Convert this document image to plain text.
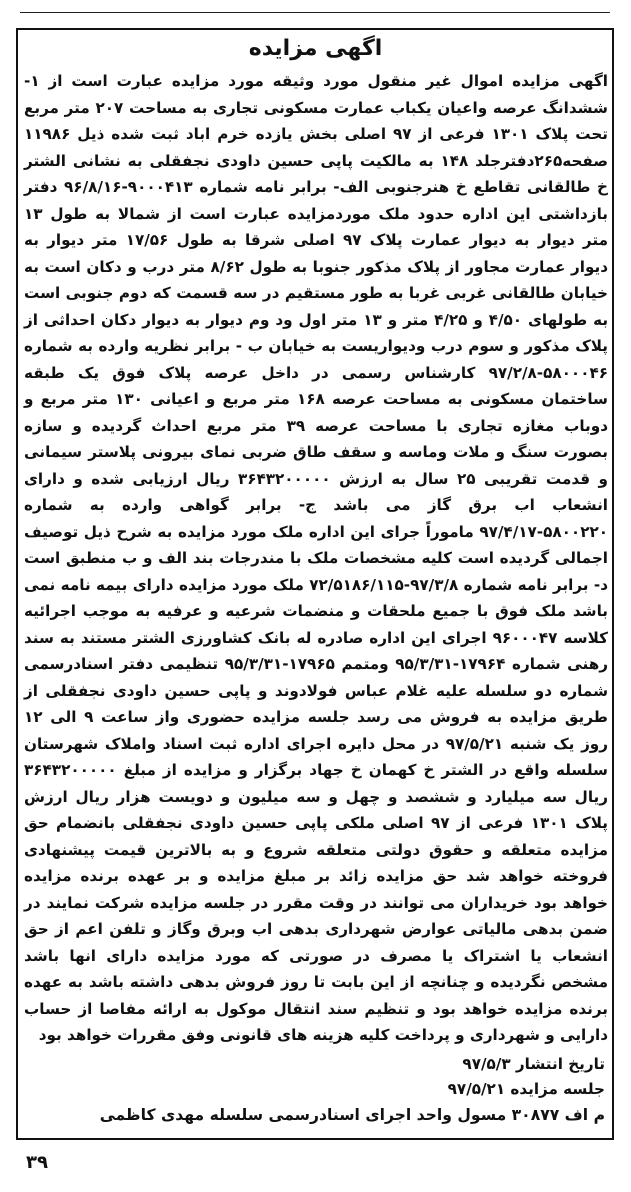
اگهی مزایده

اگهی مزایده اموال غیر منقول مورد وثیقه مورد مزایده عبارت است از ۱-ششدانگ عرصه واعیان یکباب عمارت مسکونی تجاری به مساحت ۲۰۷ متر مربع تحت پلاک ۱۳۰۱ فرعی از ۹۷ اصلی بخش یازده خرم اباد ثبت شده ذیل ۱۱۹۸۶ صفحه۲۶۵دفترجلد ۱۴۸ به مالکیت پاپی حسین داودی نجفقلی به نشانی الشتر خ طالقانی تقاطع خ هنرجنوبی الف- برابر نامه شماره ۹۰۰۰۴۱۳-۹۶/۸/۱۶ دفتر بازداشتی این اداره حدود ملک موردمزایده عبارت است از شمالا به طول ۱۳ متر دیوار به دیوار عمارت پلاک ۹۷ اصلی شرقا به طول ۱۷/۵۶ متر دیوار به دیوار عمارت مجاور از پلاک مذکور جنوبا به طول ۸/۶۲ متر درب و دکان است به خیابان طالقانی غربی غربا به طور مستقیم در سه قسمت که دوم جنوبی است به طولهای ۴/۵۰ و ۴/۲۵ متر و ۱۳ متر اول ود وم دیوار به دیوار دکان احداثی از پلاک مذکور و سوم درب ودیواریست به خیابان ب - برابر نظریه وارده به شماره ۵۸۰۰۰۴۶-۹۷/۲/۸ کارشناس رسمی در داخل عرصه پلاک فوق یک طبقه ساختمان مسکونی به مساحت عرصه ۱۶۸ متر مربع و اعیانی ۱۳۰ متر مربع و دوباب مغازه تجاری با مساحت عرصه ۳۹ متر مربع احداث گردیده و سازه بصورت سنگ و ملات وماسه و سقف طاق ضربی نمای بیرونی پلاستر سیمانی و قدمت تقریبی ۲۵ سال به ارزش ۳۶۴۳۲۰۰۰۰۰ ریال ارزیابی شده و دارای انشعاب اب برق گاز می باشد ج- برابر گواهی وارده به شماره ۵۸۰۰۲۲۰-۹۷/۴/۱۷ ماموراً جرای این اداره ملک مورد مزایده به شرح ذیل توصیف اجمالی گردیده است کلیه مشخصات ملک با مندرجات بند الف و ب منطبق است د- برابر نامه شماره ۹۷/۳/۸-۷۲/۵۱۸۶/۱۱۵ ملک مورد مزایده دارای بیمه نامه نمی باشد ملک فوق با جمیع ملحقات و منضمات شرعیه و عرفیه به موجب اجرائیه کلاسه ۹۶۰۰۰۴۷ اجرای این اداره صادره له بانک کشاورزی الشتر مستند به سند رهنی شماره ۱۷۹۶۴-۹۵/۳/۳۱ ومتمم ۱۷۹۶۵-۹۵/۳/۳۱ تنظیمی دفتر اسنادرسمی شماره دو سلسله علیه غلام عباس فولادوند و پاپی حسین داودی نجفقلی از طریق مزایده به فروش می رسد جلسه مزایده حضوری واز ساعت ۹ الی ۱۲ روز یک شنبه ۹۷/۵/۲۱ در محل دایره اجرای اداره ثبت اسناد واملاک شهرستان سلسله واقع در الشتر خ کهمان خ جهاد برگزار و مزایده از مبلغ ۳۶۴۳۲۰۰۰۰۰ ریال سه میلیارد و ششصد و چهل و سه میلیون و دویست هزار ریال ارزش پلاک ۱۳۰۱ فرعی از ۹۷ اصلی ملکی پاپی حسین داودی نجفقلی بانضمام حق مزایده متعلقه و حقوق دولتی متعلقه شروع و به بالاترین قیمت پیشنهادی فروخته خواهد شد حق مزایده زائد بر مبلغ مزایده و بر عهده برنده مزایده خواهد بود خریداران می توانند در وقت مقرر در جلسه مزایده شرکت نمایند در ضمن بدهی مالیاتی عوارض شهرداری بدهی اب وبرق وگاز و تلفن اعم از حق انشعاب یا اشتراک یا مصرف در صورتی که مورد مزایده دارای انها باشد مشخص نگردیده و چنانچه از این بابت تا روز فروش بدهی داشته باشد به عهده برنده مزایده خواهد بود و تنظیم سند انتقال موکول به ارائه مفاصا از حساب دارایی و شهرداری و پرداخت کلیه هزینه های قانونی وفق مقررات خواهد بود

تاریخ انتشار ۹۷/۵/۳
جلسه مزایده ۹۷/۵/۲۱
م اف ۳۰۸۷۷ مسول واحد اجرای اسنادرسمی سلسله مهدی کاظمی
۳۹
